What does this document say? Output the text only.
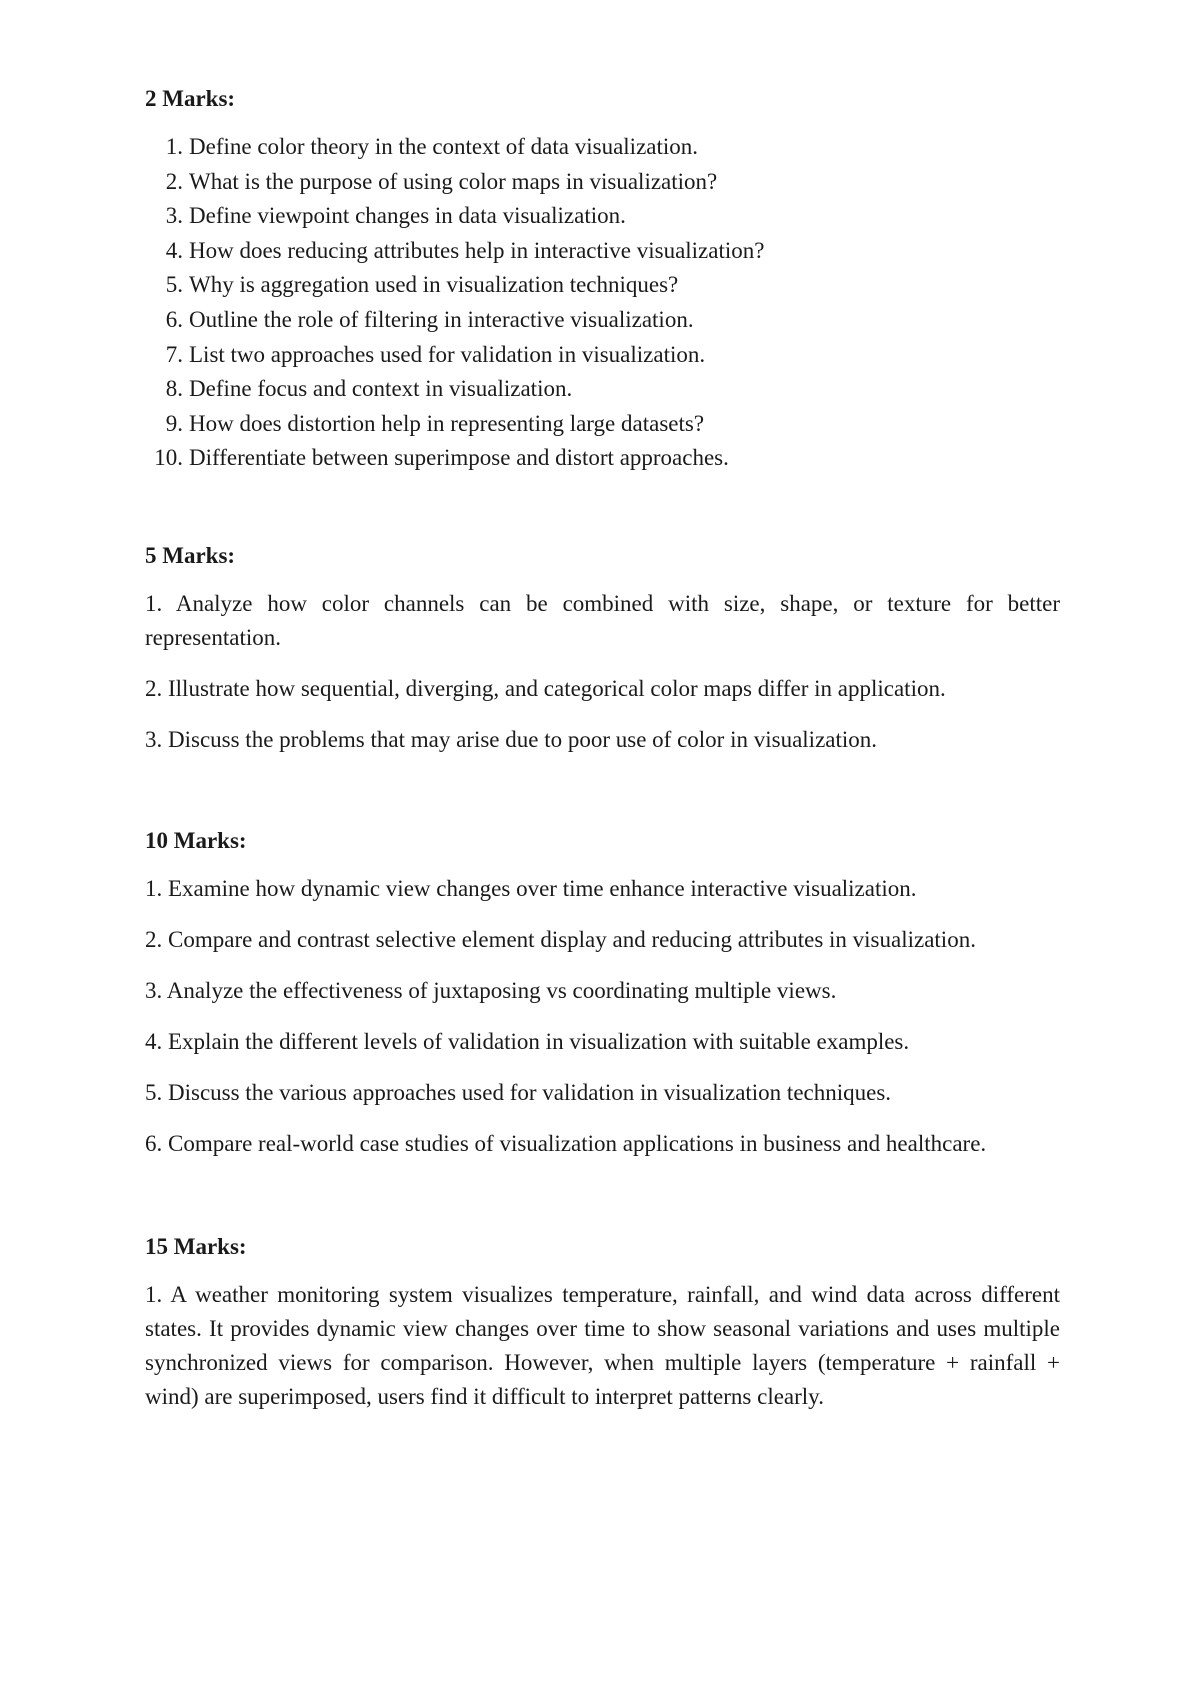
2 Marks:
1. Define color theory in the context of data visualization.
2. What is the purpose of using color maps in visualization?
3. Define viewpoint changes in data visualization.
4. How does reducing attributes help in interactive visualization?
5. Why is aggregation used in visualization techniques?
6. Outline the role of filtering in interactive visualization.
7. List two approaches used for validation in visualization.
8. Define focus and context in visualization.
9. How does distortion help in representing large datasets?
10. Differentiate between superimpose and distort approaches.
5 Marks:
1. Analyze how color channels can be combined with size, shape, or texture for better representation.
2. Illustrate how sequential, diverging, and categorical color maps differ in application.
3. Discuss the problems that may arise due to poor use of color in visualization.
10 Marks:
1. Examine how dynamic view changes over time enhance interactive visualization.
2. Compare and contrast selective element display and reducing attributes in visualization.
3. Analyze the effectiveness of juxtaposing vs coordinating multiple views.
4. Explain the different levels of validation in visualization with suitable examples.
5. Discuss the various approaches used for validation in visualization techniques.
6. Compare real-world case studies of visualization applications in business and healthcare.
15 Marks:
1. A weather monitoring system visualizes temperature, rainfall, and wind data across different states. It provides dynamic view changes over time to show seasonal variations and uses multiple synchronized views for comparison. However, when multiple layers (temperature + rainfall + wind) are superimposed, users find it difficult to interpret patterns clearly.
